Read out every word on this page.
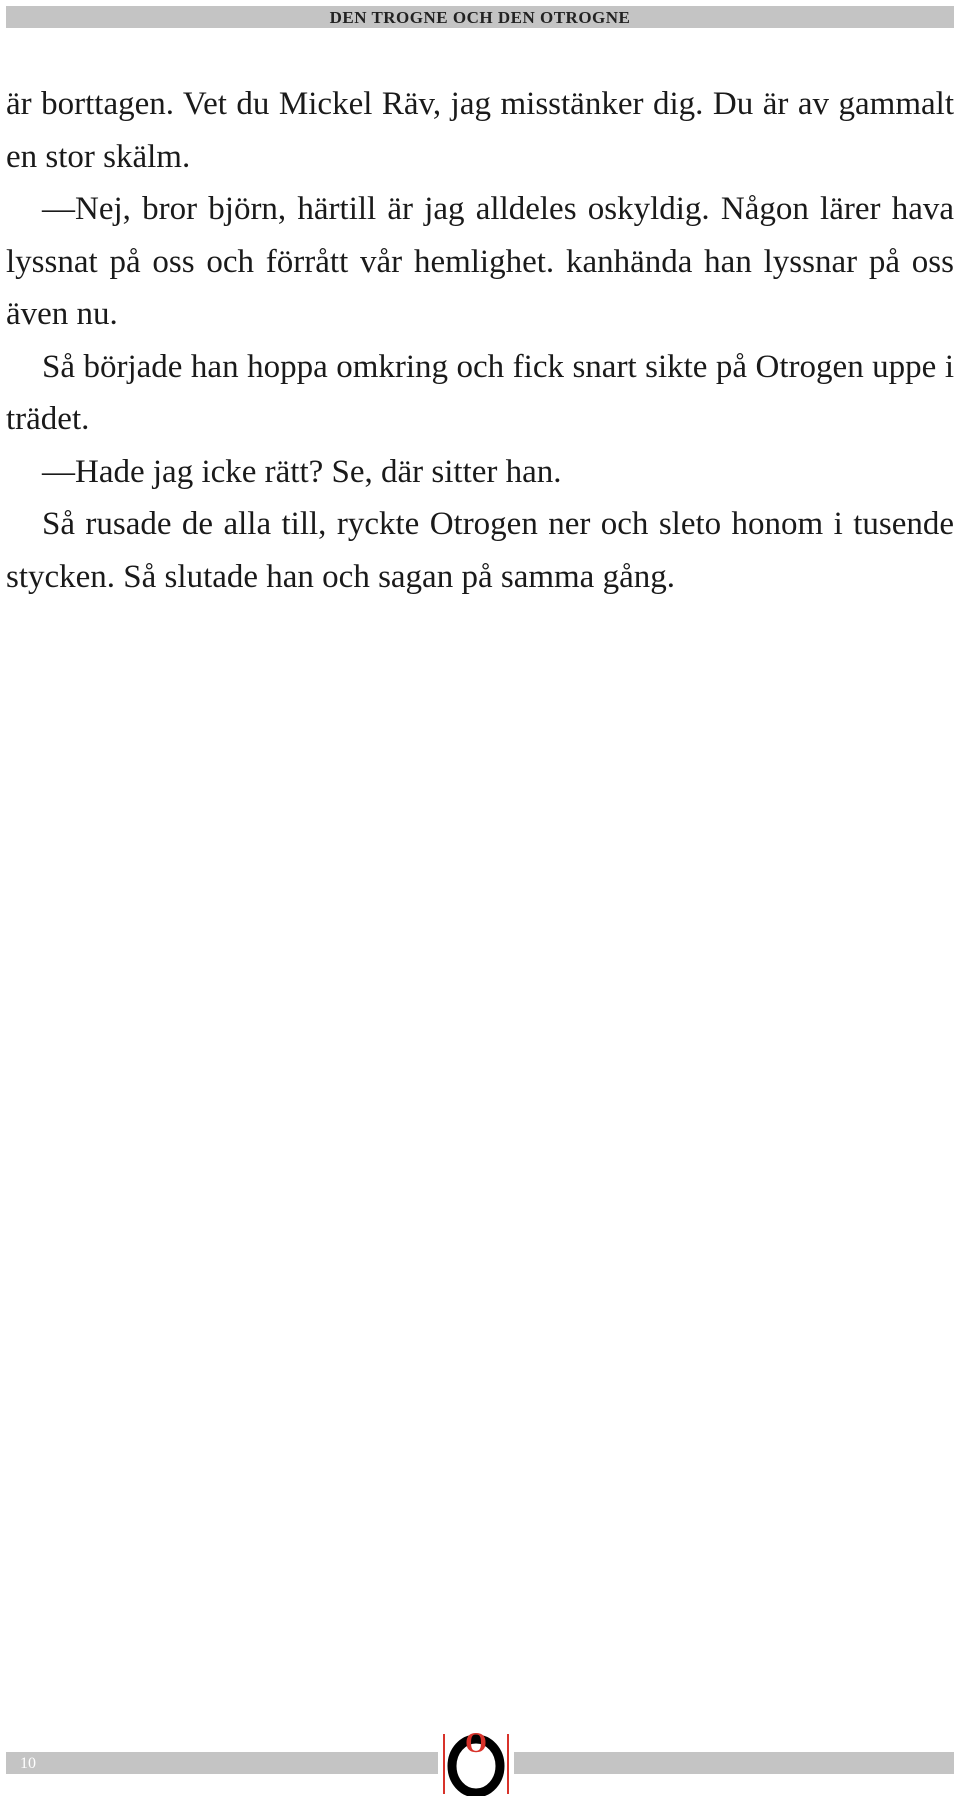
DEN TROGNE OCH DEN OTROGNE

är borttagen. Vet du Mickel Räv, jag misstänker dig. Du är av gammalt en stor skälm.

—Nej, bror björn, härtill är jag alldeles oskyldig. Någon lärer hava lyssnat på oss och förrått vår hemlighet. kanhända han lyssnar på oss även nu.

Så började han hoppa omkring och fick snart sikte på Otrogen uppe i trädet.

—Hade jag icke rätt? Se, där sitter han.

Så rusade de alla till, ryckte Otrogen ner och sleto honom i tusende stycken. Så slutade han och sagan på samma gång.

10
O
